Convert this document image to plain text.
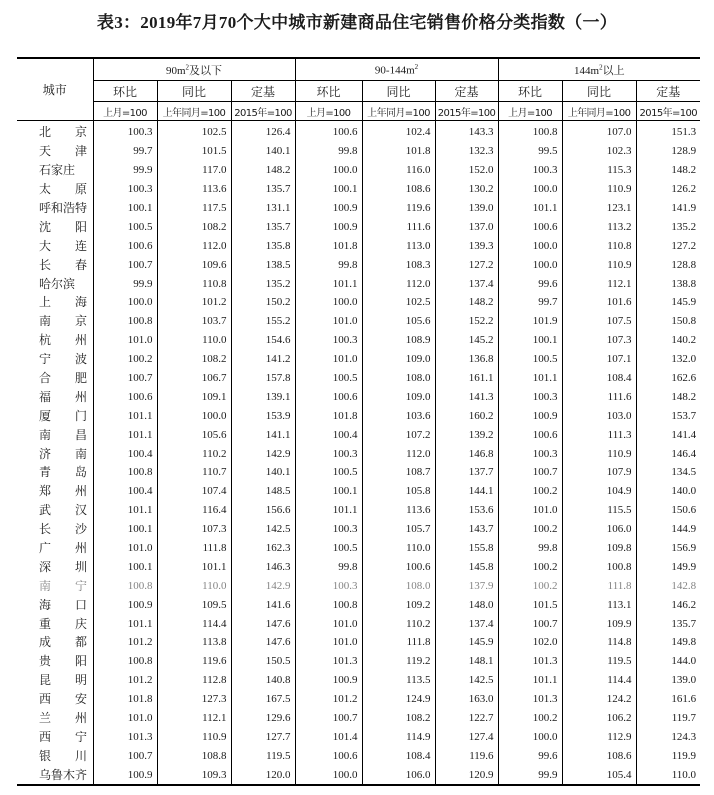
表3：2019年7月70个大中城市新建商品住宅销售价格分类指数（一）
城市	$90m^2$及以下			$90-144m^2$			$144m^2$以上		
	环比	同比	定基	环比	同比	定基	环比	同比	定基
	上月=100	上年同月=100	2015年=100	上月=100	上年同月=100	2015年=100	上月=100	上年同月=100	2015年=100
北　　京	100.3	102.5	126.4	100.6	102.4	143.3	100.8	107.0	151.3
天　　津	99.7	101.5	140.1	99.8	101.8	132.3	99.5	102.3	128.9
石家庄	99.9	117.0	148.2	100.0	116.0	152.0	100.3	115.3	148.2
太　　原	100.3	113.6	135.7	100.1	108.6	130.2	100.0	110.9	126.2
呼和浩特	100.1	117.5	131.1	100.9	119.6	139.0	101.1	123.1	141.9
沈　　阳	100.5	108.2	135.7	100.9	111.6	137.0	100.6	113.2	135.2
大　　连	100.6	112.0	135.8	101.8	113.0	139.3	100.0	110.8	127.2
长　　春	100.7	109.6	138.5	99.8	108.3	127.2	100.0	110.9	128.8
哈尔滨	99.9	110.8	135.2	101.1	112.0	137.4	99.6	112.1	138.8
上　　海	100.0	101.2	150.2	100.0	102.5	148.2	99.7	101.6	145.9
南　　京	100.8	103.7	155.2	101.0	105.6	152.2	101.9	107.5	150.8
杭　　州	101.0	110.0	154.6	100.3	108.9	145.2	100.1	107.3	140.2
宁　　波	100.2	108.2	141.2	101.0	109.0	136.8	100.5	107.1	132.0
合　　肥	100.7	106.7	157.8	100.5	108.0	161.1	101.1	108.4	162.6
福　　州	100.6	109.1	139.1	100.6	109.0	141.3	100.3	111.6	148.2
厦　　门	101.1	100.0	153.9	101.8	103.6	160.2	100.9	103.0	153.7
南　　昌	101.1	105.6	141.1	100.4	107.2	139.2	100.6	111.3	141.4
济　　南	100.4	110.2	142.9	100.3	112.0	146.8	100.3	110.9	146.4
青　　岛	100.8	110.7	140.1	100.5	108.7	137.7	100.7	107.9	134.5
郑　　州	100.4	107.4	148.5	100.1	105.8	144.1	100.2	104.9	140.0
武　　汉	101.1	116.4	156.6	101.1	113.6	153.6	101.0	115.5	150.6
长　　沙	100.1	107.3	142.5	100.3	105.7	143.7	100.2	106.0	144.9
广　　州	101.0	111.8	162.3	100.5	110.0	155.8	99.8	109.8	156.9
深　　圳	100.1	101.1	146.3	99.8	100.6	145.8	100.2	100.8	149.9
南　　宁	100.8	110.0	142.9	100.3	108.0	137.9	100.2	111.8	142.8
海　　口	100.9	109.5	141.6	100.8	109.2	148.0	101.5	113.1	146.2
重　　庆	101.1	114.4	147.6	101.0	110.2	137.4	100.7	109.9	135.7
成　　都	101.2	113.8	147.6	101.0	111.8	145.9	102.0	114.8	149.8
贵　　阳	100.8	119.6	150.5	101.3	119.2	148.1	101.3	119.5	144.0
昆　　明	101.2	112.8	140.8	100.9	113.5	142.5	101.1	114.4	139.0
西　　安	101.8	127.3	167.5	101.2	124.9	163.0	101.3	124.2	161.6
兰　　州	101.0	112.1	129.6	100.7	108.2	122.7	100.2	106.2	119.7
西　　宁	101.3	110.9	127.7	101.4	114.9	127.4	100.0	112.9	124.3
银　　川	100.7	108.8	119.5	100.6	108.4	119.6	99.6	108.6	119.9
乌鲁木齐	100.9	109.3	120.0	100.0	106.0	120.9	99.9	105.4	110.0
